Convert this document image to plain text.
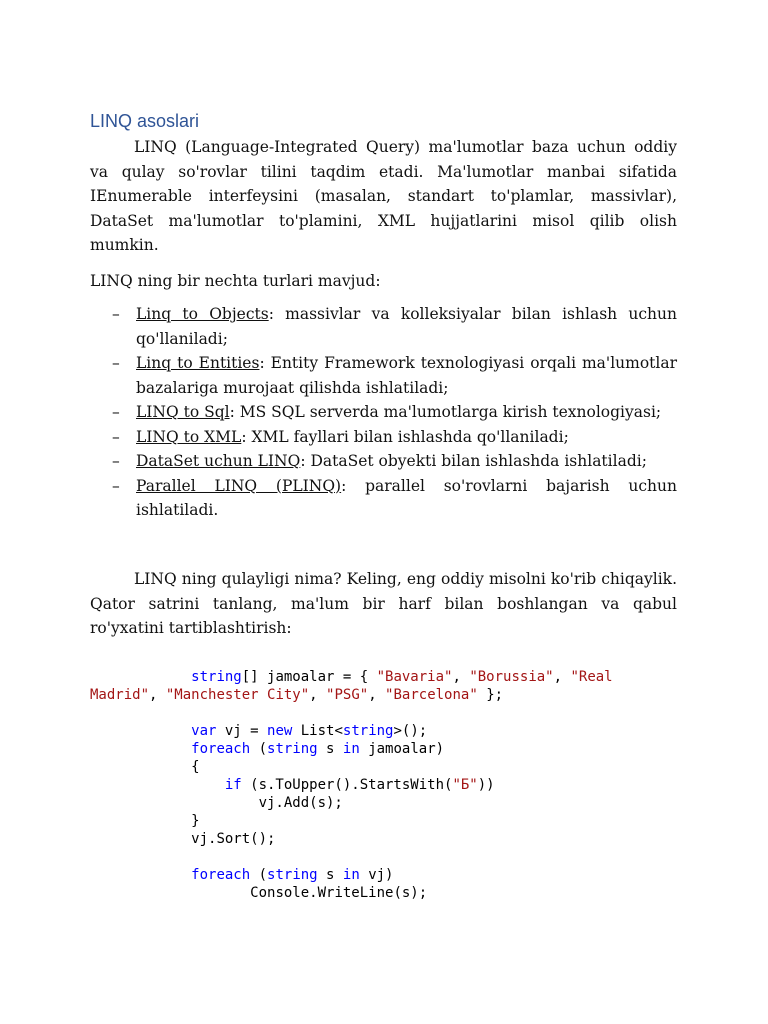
LINQ asoslari

LINQ (Language-Integrated Query) ma'lumotlar baza uchun oddiy va qulay so'rovlar tilini taqdim etadi. Ma'lumotlar manbai sifatida IEnumerable interfeysini (masalan, standart to'plamlar, massivlar), DataSet ma'lumotlar to'plamini, XML hujjatlarini misol qilib olish mumkin.

LINQ ning bir nechta turlari mavjud:

– Linq to Objects: massivlar va kolleksiyalar bilan ishlash uchun qo'llaniladi;
– Linq to Entities: Entity Framework texnologiyasi orqali ma'lumotlar bazalariga murojaat qilishda ishlatiladi;
– LINQ to Sql: MS SQL serverda ma'lumotlarga kirish texnologiyasi;
– LINQ to XML: XML fayllari bilan ishlashda qo'llaniladi;
– DataSet uchun LINQ: DataSet obyekti bilan ishlashda ishlatiladi;
– Parallel LINQ (PLINQ): parallel so'rovlarni bajarish uchun ishlatiladi.

LINQ ning qulayligi nima? Keling, eng oddiy misolni ko'rib chiqaylik. Qator satrini tanlang, ma'lum bir harf bilan boshlangan va qabul ro'yxatini tartiblashtirish:

string[] jamoalar = { "Bavaria", "Borussia", "Real
Madrid", "Manchester City", "PSG", "Barcelona" };

var vj = new List<string>();
foreach (string s in jamoalar)
{
if (s.ToUpper().StartsWith("Б"))
vj.Add(s);
}
vj.Sort();

foreach (string s in vj)
Console.WriteLine(s);
